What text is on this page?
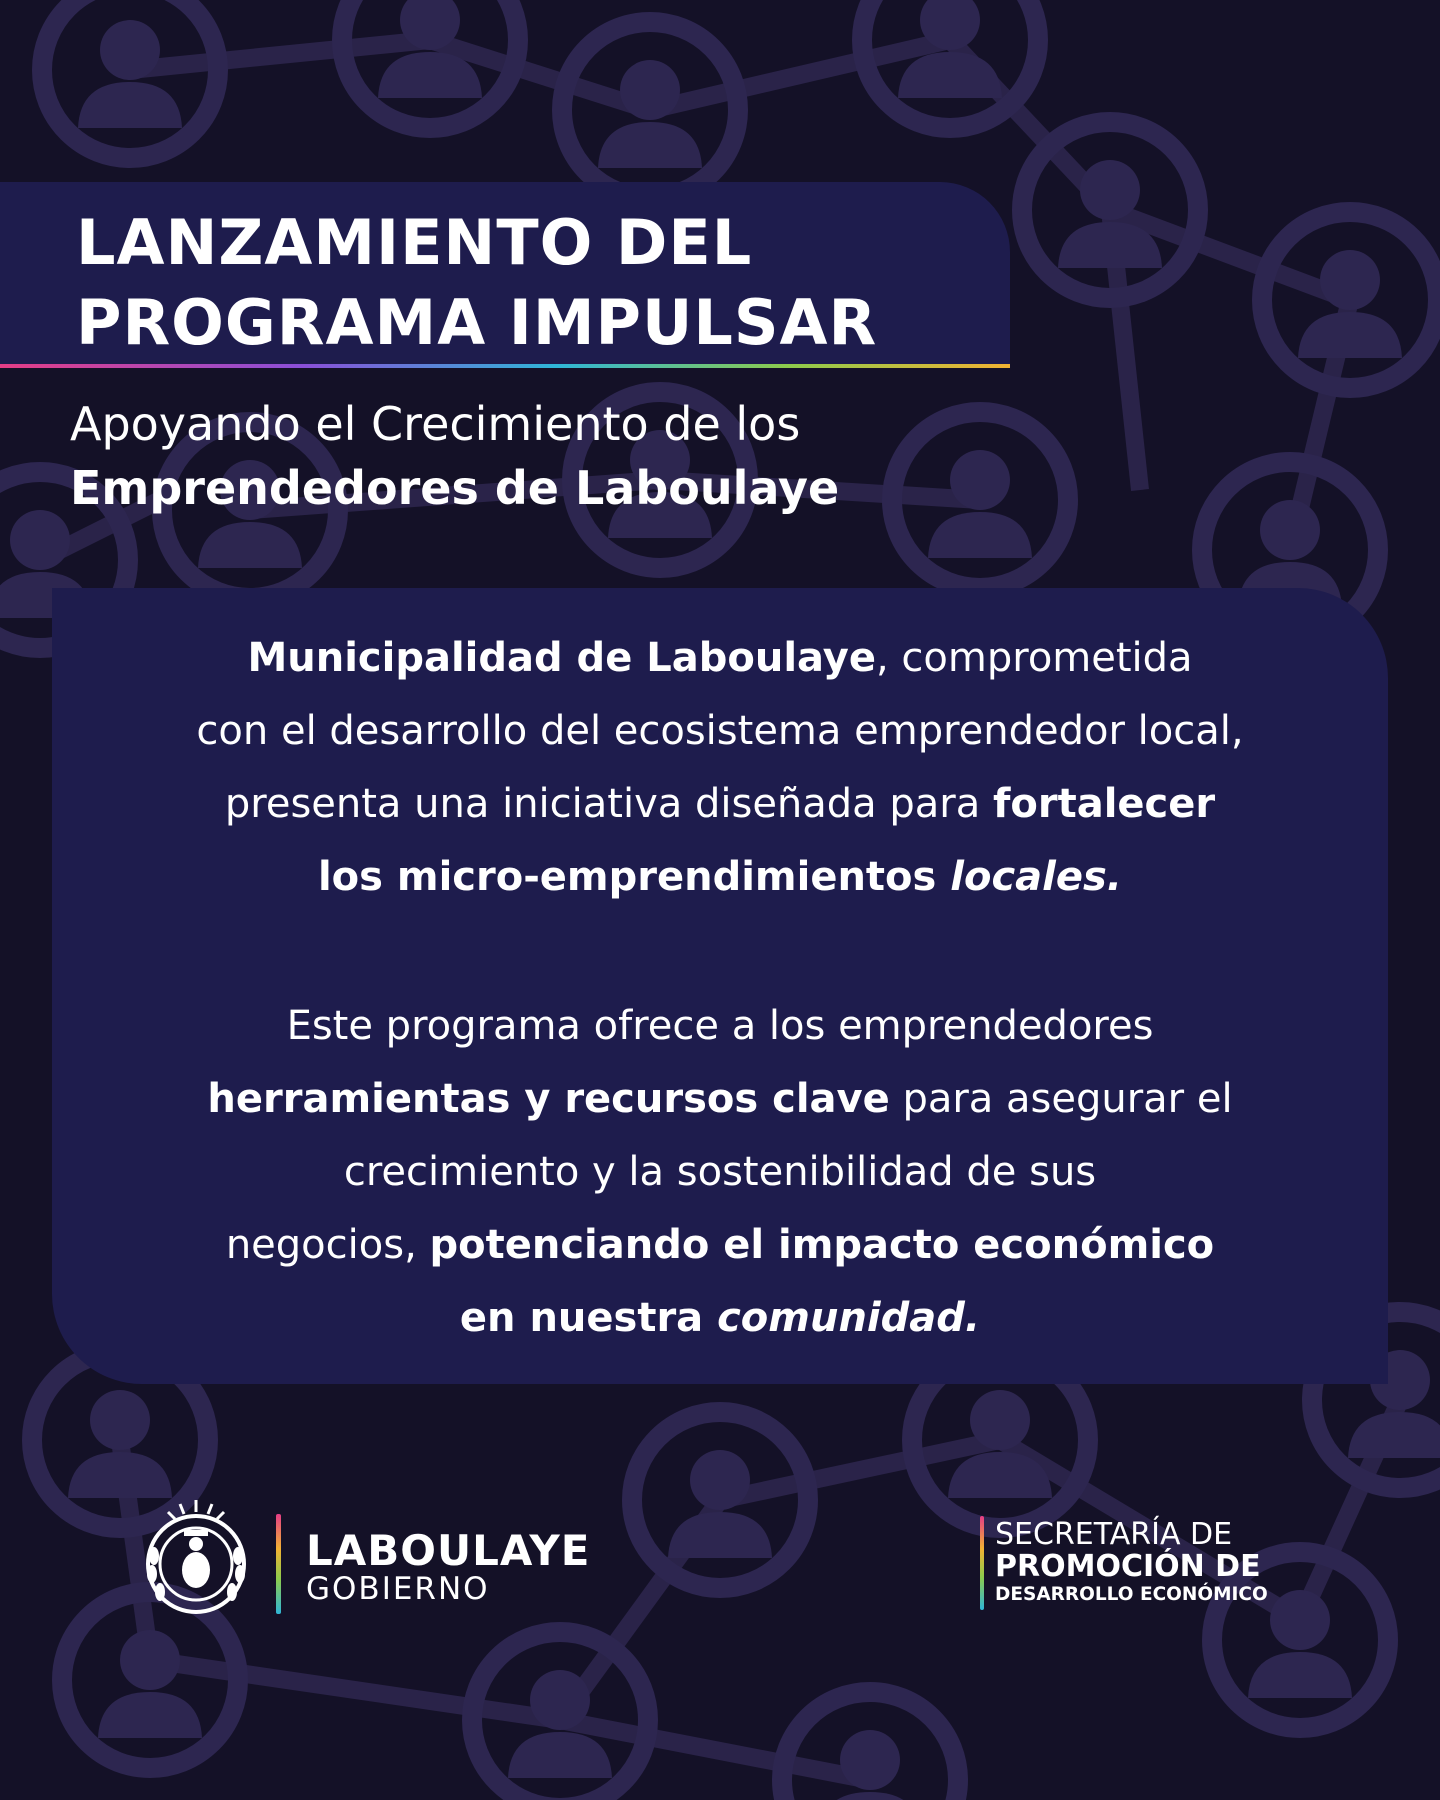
LANZAMIENTO DEL
PROGRAMA IMPULSAR
Apoyando el Crecimiento de los
Emprendedores de Laboulaye
Municipalidad de Laboulaye, comprometida
con el desarrollo del ecosistema emprendedor local,
presenta una iniciativa diseñada para fortalecer
los micro-emprendimientos locales.
Este programa ofrece a los emprendedores
herramientas y recursos clave para asegurar el
crecimiento y la sostenibilidad de sus
negocios, potenciando el impacto económico
en nuestra comunidad.
LABOULAYE
GOBIERNO
SECRETARÍA DE
PROMOCIÓN DE
DESARROLLO ECONÓMICO
